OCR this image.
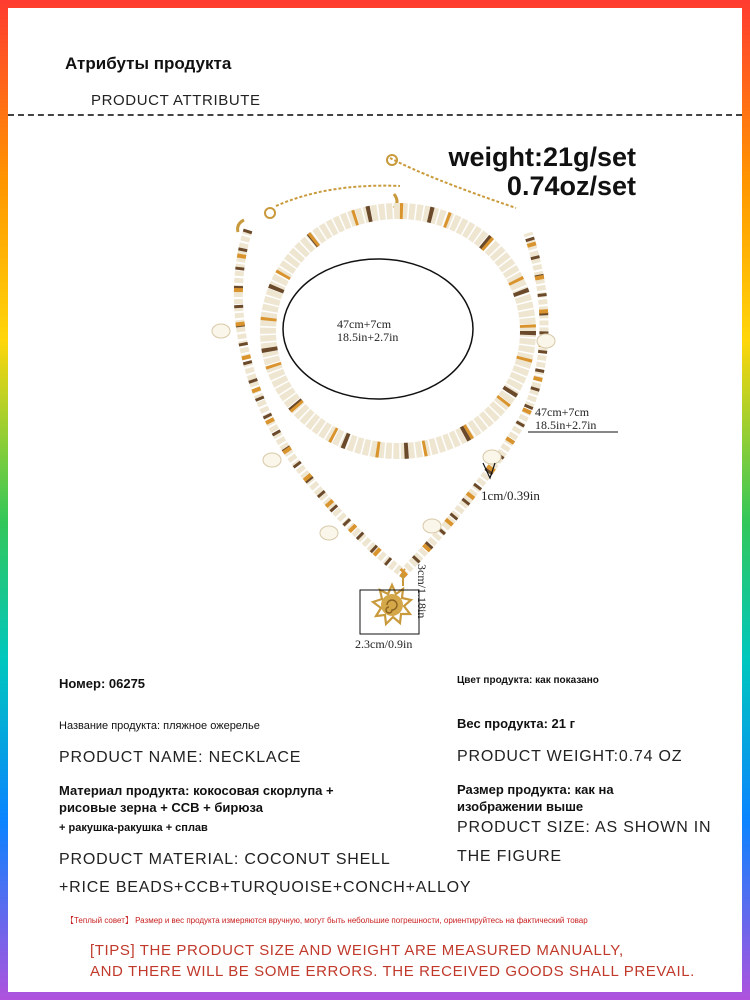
Атрибуты продукта
PRODUCT ATTRIBUTE
weight:21g/set
0.74oz/set
47cm+7cm
18.5in+2.7in
47cm+7cm
18.5in+2.7in
1cm/0.39in
3cm/1.18in
2.3cm/0.9in
Номер: 06275
Название продукта: пляжное ожерелье
PRODUCT NAME: NECKLACE
Материал продукта: кокосовая скорлупа +
рисовые зерна + CCB + бирюза
+ ракушка-ракушка + сплав
PRODUCT MATERIAL: COCONUT SHELL
+RICE BEADS+CCB+TURQUOISE+CONCH+ALLOY
Цвет продукта: как показано
Вес продукта: 21 г
PRODUCT WEIGHT:0.74 OZ
Размер продукта: как на
изображении выше
PRODUCT SIZE: AS SHOWN IN
THE FIGURE
【Теплый совет】 Размер и вес продукта измеряются вручную, могут быть небольшие погрешности, ориентируйтесь на фактический товар
[TIPS] THE PRODUCT SIZE AND WEIGHT ARE MEASURED MANUALLY,
AND THERE WILL BE SOME ERRORS. THE RECEIVED GOODS SHALL PREVAIL.
